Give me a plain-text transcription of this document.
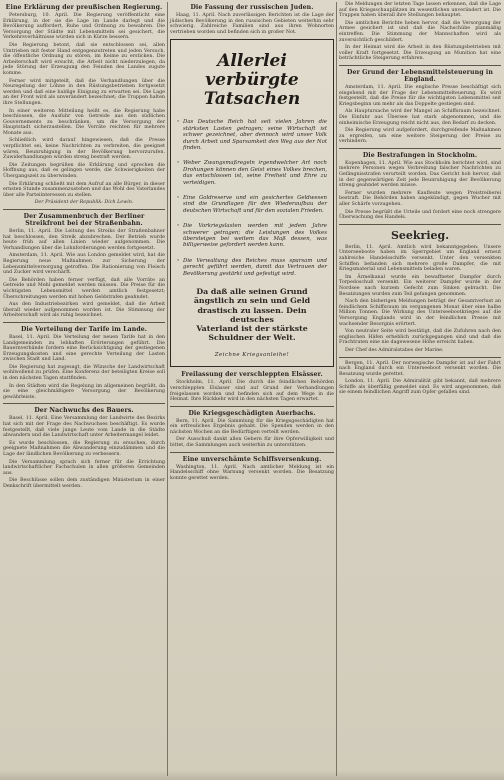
Eine Erklärung der preußischen Regierung.
Petersburg, 10. April. Die Regierung veröffentlicht eine Erklärung, in der sie die Lage im Lande darlegt und die Bevölkerung auffordert, Ruhe und Ordnung zu bewahren. Die Versorgung der Städte mit Lebensmitteln sei gesichert, die Verkehrsverhältnisse würden sich in Kürze bessern.
Die Regierung betont, daß sie entschlossen sei, allen Umtrieben mit fester Hand entgegenzutreten und jeden Versuch, die öffentliche Ordnung zu stören, im Keime zu ersticken. Die Arbeiterschaft wird ersucht, die Arbeit nicht niederzulegen, da jede Störung der Erzeugung den Feinden des Landes zugute komme.
Ferner wird mitgeteilt, daß die Verhandlungen über die Neuregelung der Löhne in den Rüstungsbetrieben fortgesetzt werden und daß eine baldige Einigung zu erwarten sei. Die Lage an der Front wird als unverändert bezeichnet; die Truppen halten ihre Stellungen.
In einer weiteren Mitteilung heißt es, die Regierung habe beschlossen, die Ausfuhr von Getreide aus den südlichen Gouvernements zu beschränken, um die Versorgung der Hauptstadt sicherzustellen. Die Vorräte reichten für mehrere Monate aus.
Schließlich wird darauf hingewiesen, daß die Presse verpflichtet sei, keine Nachrichten zu verbreiten, die geeignet wären, Beunruhigung in der Bevölkerung hervorzurufen. Zuwiderhandlungen würden streng bestraft werden.
Die Zeitungen begrüßen die Erklärung und sprechen die Hoffnung aus, daß es gelingen werde, die Schwierigkeiten der Übergangszeit zu überwinden.
Die Erklärung schließt mit dem Aufruf an alle Bürger, in dieser ernsten Stunde zusammenzustehen und das Wohl des Vaterlandes über alle Parteiinteressen zu stellen.
Der Präsident der Republik: Dich Lewin.
Der Zusammenbruch der Berliner Streikfront bei der Straßenbahn.
Berlin, 11. April. Die Leitung des Streiks der Straßenbahner hat beschlossen, den Streik abzubrechen. Der Betrieb wurde heute früh auf allen Linien wieder aufgenommen. Die Verhandlungen über die Lohnforderungen werden fortgesetzt.
Amsterdam, 11. April. Wie aus London gemeldet wird, hat die Regierung neue Maßnahmen zur Sicherung der Lebensmittelversorgung getroffen. Die Rationierung von Fleisch und Zucker wird verschärft.
Die Behörden haben ferner verfügt, daß alle Vorräte an Getreide und Mehl gemeldet werden müssen. Die Preise für die wichtigsten Lebensmittel werden amtlich festgesetzt; Überschreitungen werden mit hohen Geldstrafen geahndet.
Aus den Industriebezirken wird gemeldet, daß die Arbeit überall wieder aufgenommen worden ist. Die Stimmung der Arbeiterschaft wird als ruhig bezeichnet.
Die Verteilung der Tarife im Lande.
Basel, 11. April. Die Verteilung der neuen Tarife hat in den Landgemeinden zu lebhaften Erörterungen geführt. Die Bauernverbände fordern eine Berücksichtigung der gestiegenen Erzeugungskosten und eine gerechte Verteilung der Lasten zwischen Stadt und Land.
Die Regierung hat zugesagt, die Wünsche der Landwirtschaft wohlwollend zu prüfen. Eine Konferenz der beteiligten Kreise soll in den nächsten Tagen stattfinden.
In den Städten wird die Regelung im allgemeinen begrüßt, da sie eine gleichmäßigere Versorgung der Bevölkerung gewährleiste.
Der Nachwuchs des Bauers.
Basel, 11. April. Eine Versammlung der Landwirte des Bezirks hat sich mit der Frage des Nachwuchses beschäftigt. Es wurde festgestellt, daß viele junge Leute vom Lande in die Städte abwandern und die Landwirtschaft unter Arbeitermangel leidet.
Es wurde beschlossen, die Regierung zu ersuchen, durch geeignete Maßnahmen die Abwanderung einzudämmen und die Lage der ländlichen Bevölkerung zu verbessern.
Die Versammlung sprach sich ferner für die Errichtung landwirtschaftlicher Fachschulen in allen größeren Gemeinden aus.
Die Beschlüsse sollen dem zuständigen Ministerium in einer Denkschrift übermittelt werden.
Die Fassung der russischen Juden.
Haag, 11. April. Nach zuverlässigen Berichten ist die Lage der jüdischen Bevölkerung in den russischen Gebieten weiterhin sehr schwierig. Zahlreiche Familien sind aus ihren Wohnorten vertrieben worden und befinden sich in großer Not.
Allerlei
verbürgte Tatsachen
· Das Deutsche Reich hat seit vielen Jahren die stärksten Lasten getragen; seine Wirtschaft ist schwer gezeichnet, aber dennoch wird unser Volk durch Arbeit und Sparsamkeit den Weg aus der Not finden.
· Weber Zwangsmaßregeln irgendwelcher Art noch Drohungen können den Geist eines Volkes brechen, das entschlossen ist, seine Freiheit und Ehre zu verteidigen.
· Eine Goldreserve und ein gesichertes Geldwesen sind die Grundlagen für den Wiederaufbau der deutschen Wirtschaft und für den sozialen Frieden.
· Die Vorkriegslasten werden mit jedem Jahre schwerer getragen; die Leistungen des Volkes übersteigen bei weitem das Maß dessen, was billigerweise gefordert werden kann.
· Die Verwaltung des Reiches muss sparsam und gerecht geführt werden, damit das Vertrauen der Bevölkerung gestärkt und gefestigt wird.
Da daß alle seinen Grund
ängstlich zu sein und Geld
drastisch zu lassen. Dein deutsches
Vaterland ist der stärkste
Schuldner der Welt.
Zeichne Kriegsanleihe!
Freilassung der verschleppten Elsässer.
Stockholm, 11. April. Die durch die feindlichen Behörden verschleppten Elsässer sind auf Grund der Verhandlungen freigelassen worden und befinden sich auf dem Wege in die Heimat. Ihre Rückkehr wird in den nächsten Tagen erwartet.
Die Kriegsgeschädigten Auerbachs.
Bern, 11. April. Die Sammlung für die Kriegsgeschädigten hat ein erfreuliches Ergebnis gehabt. Die Spenden werden in den nächsten Wochen an die Bedürftigen verteilt werden.
Der Ausschuß dankt allen Gebern für ihre Opferwilligkeit und bittet, die Sammlungen auch weiterhin zu unterstützen.
Eine unverschämte Schiffsversenkung.
Washington, 11. April. Nach amtlicher Meldung ist ein Handelsschiff ohne Warnung versenkt worden. Die Besatzung konnte gerettet werden.
Die Meldungen der letzten Tage lassen erkennen, daß die Lage auf den Kriegsschauplätzen im wesentlichen unverändert ist. Die Truppen haben überall ihre Stellungen behauptet.
Die amtlichen Berichte heben hervor, daß die Versorgung der Armee gesichert ist und daß die Nachschübe planmäßig eintreffen. Die Stimmung der Mannschaften wird als zuversichtlich geschildert.
In der Heimat wird die Arbeit in den Rüstungsbetrieben mit voller Kraft fortgesetzt. Die Erzeugung an Munition hat eine beträchtliche Steigerung erfahren.
Der Grund der Lebensmittelsteuerung in England.
Amsterdam, 11. April. Die englische Presse beschäftigt sich eingehend mit der Frage der Lebensmittelteuerung. Es wird festgestellt, daß die Preise für die wichtigsten Lebensmittel seit Kriegsbeginn um mehr als das Doppelte gestiegen sind.
Als Hauptursache wird der Mangel an Schiffsraum bezeichnet. Die Einfuhr aus Übersee hat stark abgenommen, und die einheimische Erzeugung reicht nicht aus, den Bedarf zu decken.
Die Regierung wird aufgefordert, durchgreifende Maßnahmen zu ergreifen, um eine weitere Steigerung der Preise zu verhindern.
Die Bestrafungen in Stockholm.
Kopenhagen, 11. April. Wie aus Stockholm berichtet wird, sind mehrere Personen wegen Verbreitung falscher Nachrichten zu Gefängnisstrafen verurteilt worden. Das Gericht hob hervor, daß in der gegenwärtigen Zeit jede Beunruhigung der Bevölkerung streng geahndet werden müsse.
Ferner wurden mehrere Kaufleute wegen Preistreiberei bestraft. Die Behörden haben angekündigt, gegen Wucher mit aller Schärfe vorzugehen.
Die Presse begrüßt die Urteile und fordert eine noch strengere Überwachung des Handels.
Seekrieg.
Berlin, 11. April. Amtlich wird bekanntgegeben: Unsere Unterseeboote haben im Sperrgebiet um England erneut zahlreiche Handelsschiffe versenkt. Unter den versenkten Schiffen befanden sich mehrere große Dampfer, die mit Kriegsmaterial und Lebensmitteln beladen waren.
Im Ärmelkanal wurde ein bewaffneter Dampfer durch Torpedoschuß versenkt. Ein weiterer Dampfer wurde in der Nordsee nach kurzem Gefecht zum Sinken gebracht. Die Besatzungen wurden zum Teil gefangen genommen.
Nach den bisherigen Meldungen beträgt der Gesamtverlust an feindlichem Schiffsraum im vergangenen Monat über eine halbe Million Tonnen. Die Wirkung des Unterseebootkrieges auf die Versorgung Englands wird in der feindlichen Presse mit wachsender Besorgnis erörtert.
Von neutraler Seite wird bestätigt, daß die Zufuhren nach den englischen Häfen erheblich zurückgegangen sind und daß die Frachtraten eine nie dagewesene Höhe erreicht haben.
Der Chef des Admiralstabes der Marine.
Bergen, 11. April. Der norwegische Dampfer ist auf der Fahrt nach England durch ein Unterseeboot versenkt worden. Die Besatzung wurde gerettet.
London, 11. April. Die Admiralität gibt bekannt, daß mehrere Schiffe als überfällig gemeldet sind. Es wird angenommen, daß sie einem feindlichen Angriff zum Opfer gefallen sind.
